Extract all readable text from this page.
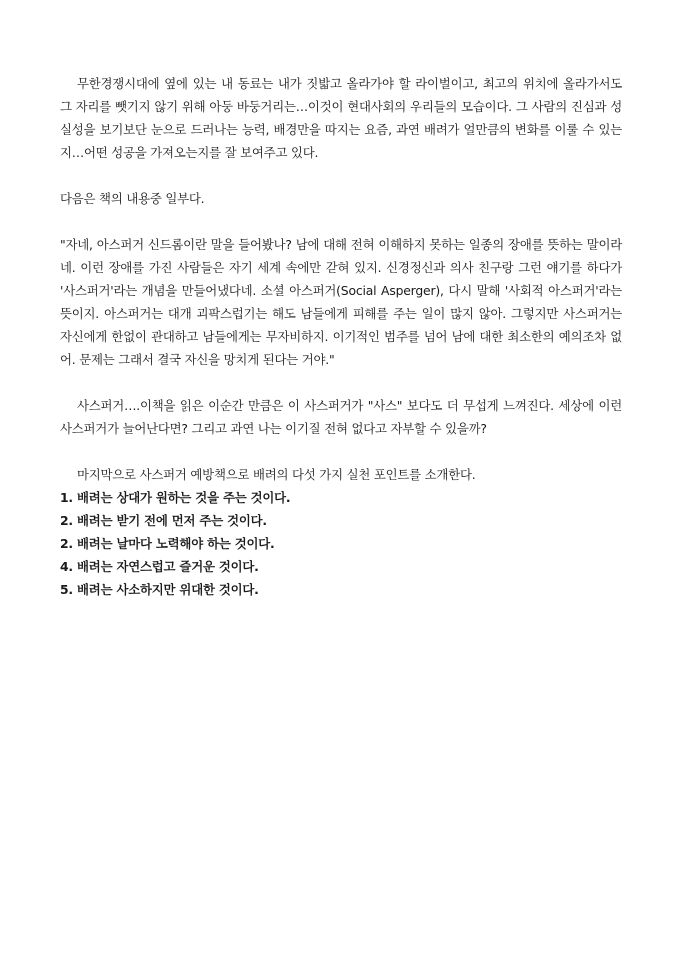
무한경쟁시대에 옆에 있는 내 동료는 내가 짓밟고 올라가야 할 라이벌이고, 최고의 위치에 올라가서도 그 자리를 뺏기지 않기 위해 아둥 바둥거리는…이것이 현대사회의 우리들의 모습이다. 그 사람의 진심과 성실성을 보기보단 눈으로 드러나는 능력, 배경만을 따지는 요즘, 과연 배려가 얼만큼의 변화를 이룰 수 있는지…어떤 성공을 가져오는지를 잘 보여주고 있다.

다음은 책의 내용중 일부다.

"자네, 아스퍼거 신드롬이란 말을 들어봤나? 남에 대해 전혀 이해하지 못하는 일종의 장애를 뜻하는 말이라네. 이런 장애를 가진 사람들은 자기 세계 속에만 갇혀 있지. 신경정신과 의사 친구랑 그런 얘기를 하다가 '사스퍼거'라는 개념을 만들어냈다네. 소셜 아스퍼거(Social Asperger), 다시 말해 '사회적 아스퍼거'라는 뜻이지. 아스퍼거는 대개 괴팍스럽기는 해도 남들에게 피해를 주는 일이 많지 않아. 그렇지만 사스퍼거는 자신에게 한없이 관대하고 남들에게는 무자비하지. 이기적인 범주를 넘어 남에 대한 최소한의 예의조차 없어. 문제는 그래서 결국 자신을 망치게 된다는 거야."

사스퍼거….이책을 읽은 이순간 만큼은 이 사스퍼거가 "사스" 보다도 더 무섭게 느껴진다. 세상에 이런 사스퍼거가 늘어난다면? 그리고 과연 나는 이기질 전혀 없다고 자부할 수 있을까?

마지막으로 사스퍼거 예방책으로 배려의 다섯 가지 실천 포인트를 소개한다.

1. 배려는 상대가 원하는 것을 주는 것이다.
2. 배려는 받기 전에 먼저 주는 것이다.
2. 배려는 날마다 노력해야 하는 것이다.
4. 배려는 자연스럽고 즐거운 것이다.
5. 배려는 사소하지만 위대한 것이다.
